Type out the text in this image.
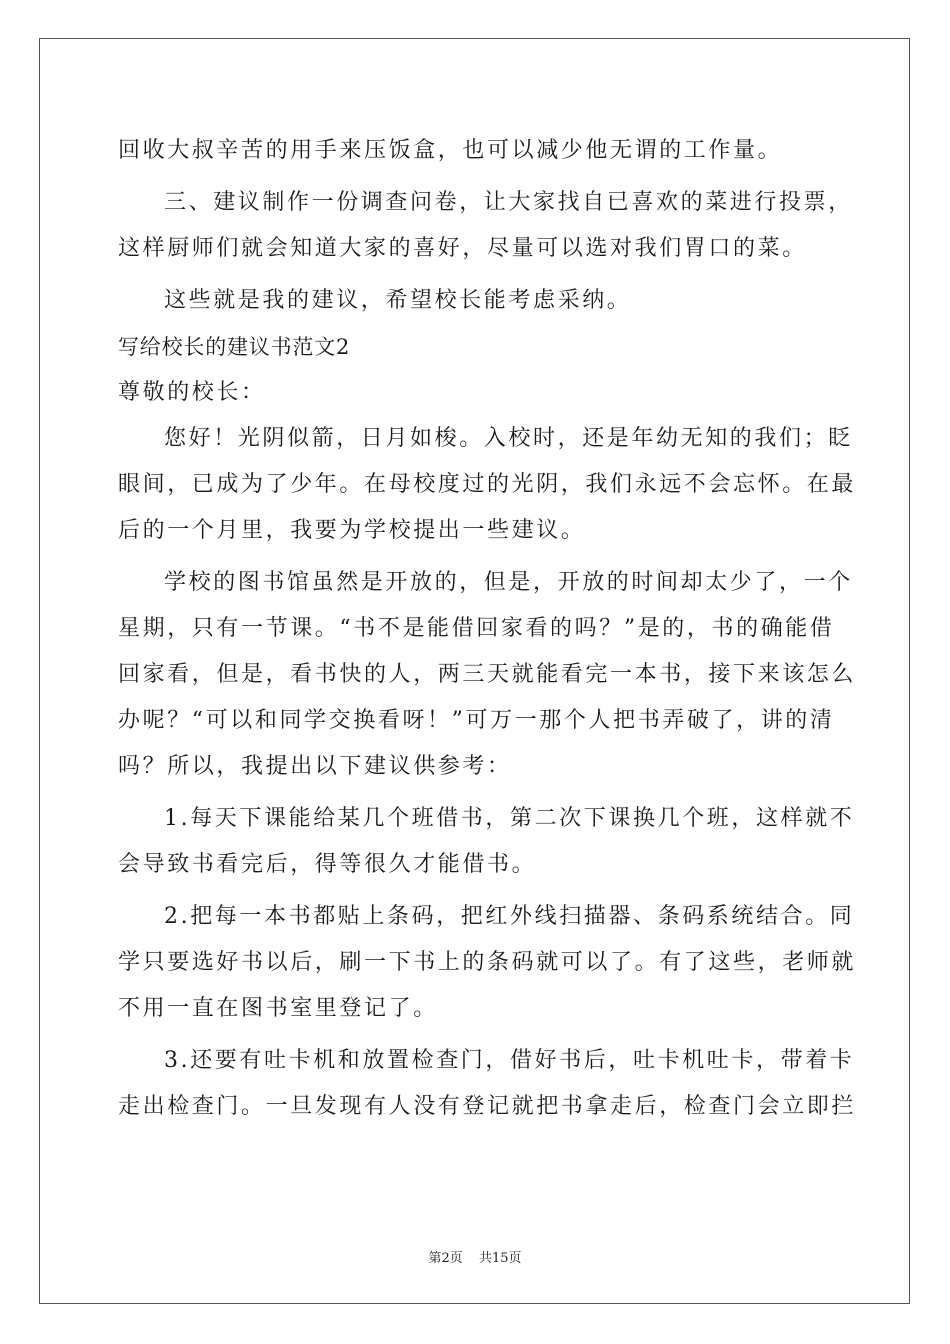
回收大叔辛苦的用手来压饭盒，也可以减少他无谓的工作量。
三、建议制作一份调查问卷，让大家找自已喜欢的菜进行投票，
这样厨师们就会知道大家的喜好，尽量可以选对我们胃口的菜。
这些就是我的建议，希望校长能考虑采纳。
写给校长的建议书范文2
尊敬的校长：
您好！光阴似箭，日月如梭。入校时，还是年幼无知的我们；眨
眼间，已成为了少年。在母校度过的光阴，我们永远不会忘怀。在最
后的一个月里，我要为学校提出一些建议。
学校的图书馆虽然是开放的，但是，开放的时间却太少了，一个
星期，只有一节课。“书不是能借回家看的吗？”是的，书的确能借
回家看，但是，看书快的人，两三天就能看完一本书，接下来该怎么
办呢？“可以和同学交换看呀！”可万一那个人把书弄破了，讲的清
吗？所以，我提出以下建议供参考：
1.每天下课能给某几个班借书，第二次下课换几个班，这样就不
会导致书看完后，得等很久才能借书。
2.把每一本书都贴上条码，把红外线扫描器、条码系统结合。同
学只要选好书以后，刷一下书上的条码就可以了。有了这些，老师就
不用一直在图书室里登记了。
3.还要有吐卡机和放置检查门，借好书后，吐卡机吐卡，带着卡
走出检查门。一旦发现有人没有登记就把书拿走后，检查门会立即拦
第2页 共15页
